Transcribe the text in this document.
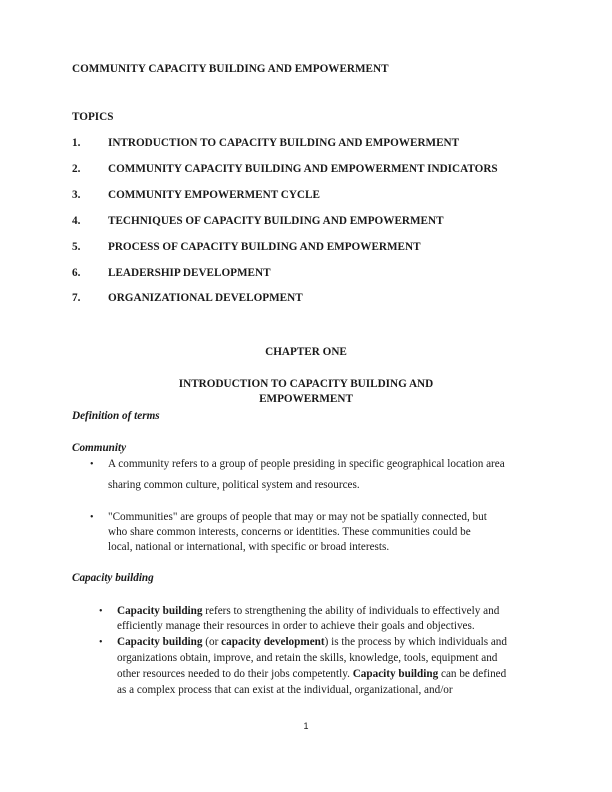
COMMUNITY CAPACITY BUILDING AND EMPOWERMENT
TOPICS
1. INTRODUCTION TO CAPACITY BUILDING AND EMPOWERMENT
2. COMMUNITY CAPACITY BUILDING AND EMPOWERMENT INDICATORS
3. COMMUNITY EMPOWERMENT CYCLE
4. TECHNIQUES OF CAPACITY BUILDING AND EMPOWERMENT
5. PROCESS OF CAPACITY BUILDING AND EMPOWERMENT
6. LEADERSHIP DEVELOPMENT
7. ORGANIZATIONAL DEVELOPMENT
CHAPTER ONE
INTRODUCTION TO CAPACITY BUILDING AND
EMPOWERMENT
Definition of terms
Community
• A community refers to a group of people presiding in specific geographical location area
sharing common culture, political system and resources.
• "Communities" are groups of people that may or may not be spatially connected, but
who share common interests, concerns or identities. These communities could be
local, national or international, with specific or broad interests.
Capacity building
• Capacity building refers to strengthening the ability of individuals to effectively and
efficiently manage their resources in order to achieve their goals and objectives.
• Capacity building (or capacity development) is the process by which individuals and
organizations obtain, improve, and retain the skills, knowledge, tools, equipment and
other resources needed to do their jobs competently. Capacity building can be defined
as a complex process that can exist at the individual, organizational, and/or
1
